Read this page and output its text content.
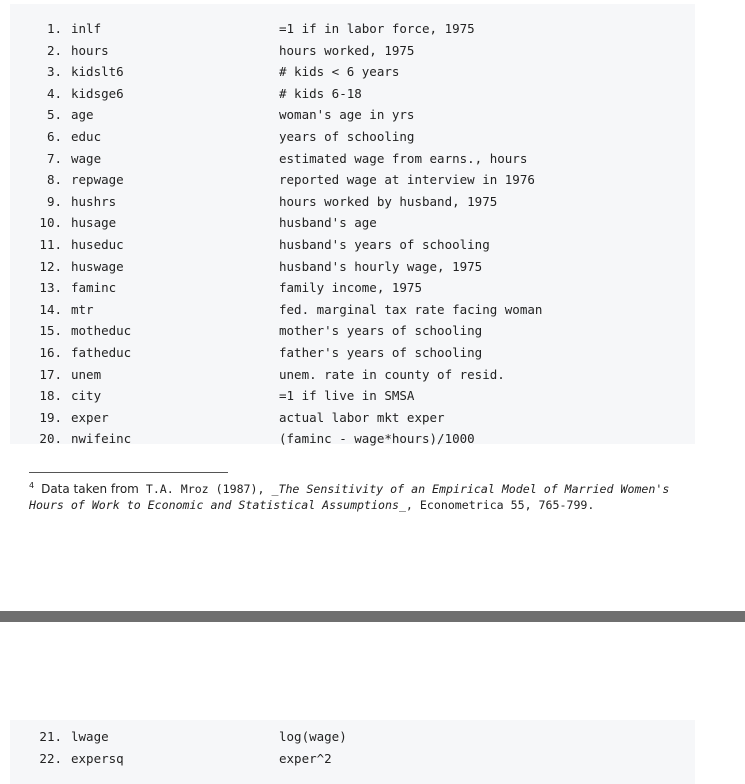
1. inlf	=1 if in labor force, 1975
2. hours	hours worked, 1975
3. kidslt6	# kids < 6 years
4. kidsge6	# kids 6-18
5. age	woman's age in yrs
6. educ	years of schooling
7. wage	estimated wage from earns., hours
8. repwage	reported wage at interview in 1976
9. hushrs	hours worked by husband, 1975
10. husage	husband's age
11. huseduc	husband's years of schooling
12. huswage	husband's hourly wage, 1975
13. faminc	family income, 1975
14. mtr	fed. marginal tax rate facing woman
15. motheduc	mother's years of schooling
16. fatheduc	father's years of schooling
17. unem	unem. rate in county of resid.
18. city	=1 if live in SMSA
19. exper	actual labor mkt exper
20. nwifeinc	(faminc - wage*hours)/1000
$^4$ Data taken from T.A. Mroz (1987), _The Sensitivity of an Empirical Model of Married Women's
Hours of Work to Economic and Statistical Assumptions_, Econometrica 55, 765-799.
21. lwage	log(wage)
22. expersq	exper^2
